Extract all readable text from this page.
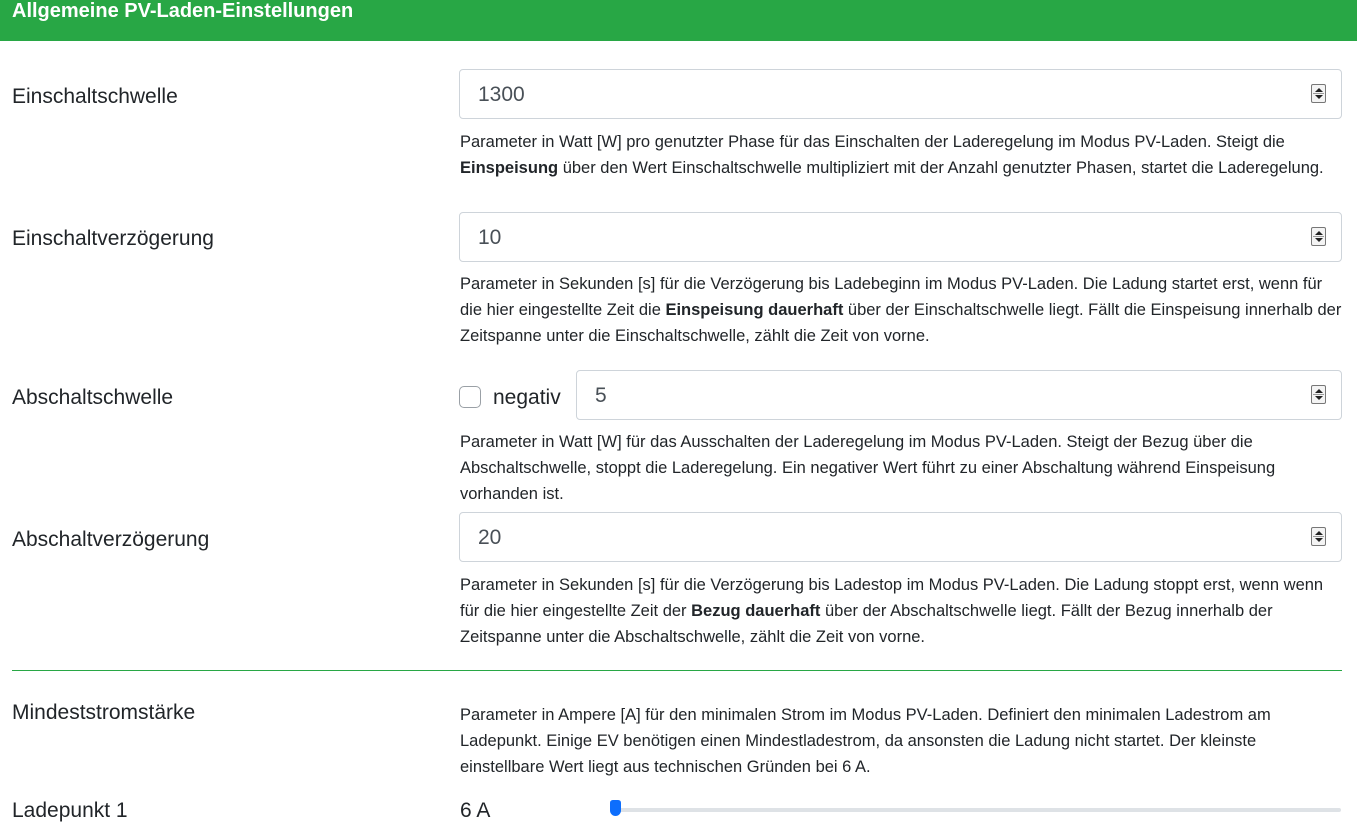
Allgemeine PV-Laden-Einstellungen
Einschaltschwelle	1300
Parameter in Watt [W] pro genutzter Phase für das Einschalten der Laderegelung im Modus PV-Laden. Steigt die Einspeisung über den Wert Einschaltschwelle multipliziert mit der Anzahl genutzter Phasen, startet die Laderegelung.
Einschaltverzögerung	10
Parameter in Sekunden [s] für die Verzögerung bis Ladebeginn im Modus PV-Laden. Die Ladung startet erst, wenn für die hier eingestellte Zeit die Einspeisung dauerhaft über der Einschaltschwelle liegt. Fällt die Einspeisung innerhalb der Zeitspanne unter die Einschaltschwelle, zählt die Zeit von vorne.
Abschaltschwelle	negativ 5
Parameter in Watt [W] für das Ausschalten der Laderegelung im Modus PV-Laden. Steigt der Bezug über die Abschaltschwelle, stoppt die Laderegelung. Ein negativer Wert führt zu einer Abschaltung während Einspeisung vorhanden ist.
Abschaltverzögerung	20
Parameter in Sekunden [s] für die Verzögerung bis Ladestop im Modus PV-Laden. Die Ladung stoppt erst, wenn wenn für die hier eingestellte Zeit der Bezug dauerhaft über der Abschaltschwelle liegt. Fällt der Bezug innerhalb der Zeitspanne unter die Abschaltschwelle, zählt die Zeit von vorne.
Mindeststromstärke	Parameter in Ampere [A] für den minimalen Strom im Modus PV-Laden. Definiert den minimalen Ladestrom am Ladepunkt. Einige EV benötigen einen Mindestladestrom, da ansonsten die Ladung nicht startet. Der kleinste einstellbare Wert liegt aus technischen Gründen bei 6 A.
Ladepunkt 1	6 A
